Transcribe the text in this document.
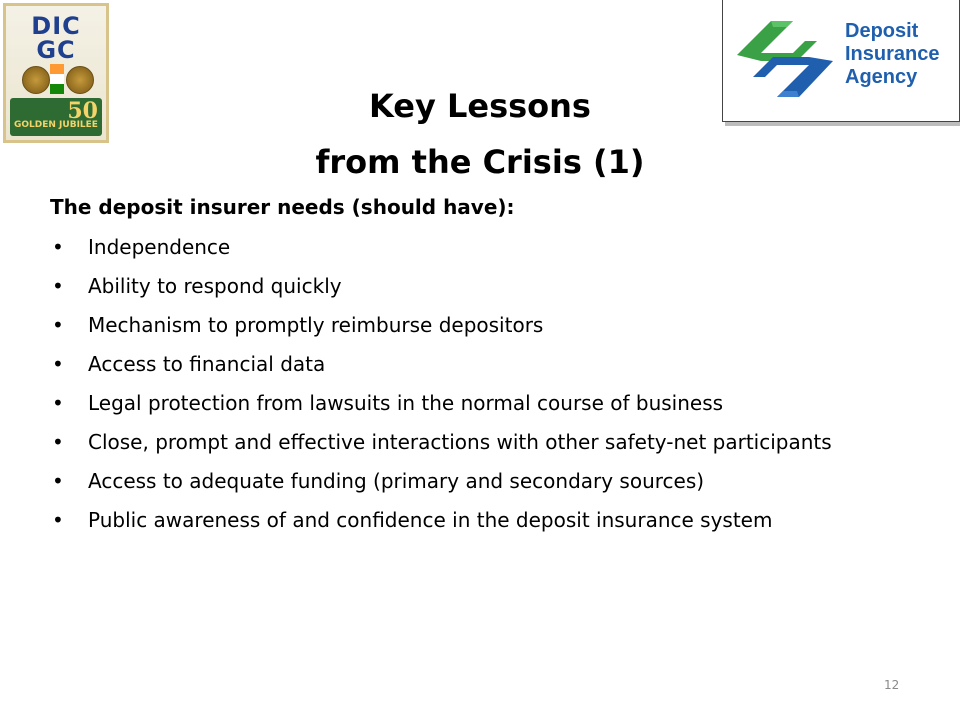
DIC
GC
50
GOLDEN JUBILEE
Deposit
Insurance
Agency
Key Lessons
from the Crisis (1)
The deposit insurer needs (should have):
• Independence
• Ability to respond quickly
• Mechanism to promptly reimburse depositors
• Access to financial data
• Legal protection from lawsuits in the normal course of business
• Close, prompt and effective interactions with other safety-net participants
• Access to adequate funding (primary and secondary sources)
• Public awareness of and confidence in the deposit insurance system
12
